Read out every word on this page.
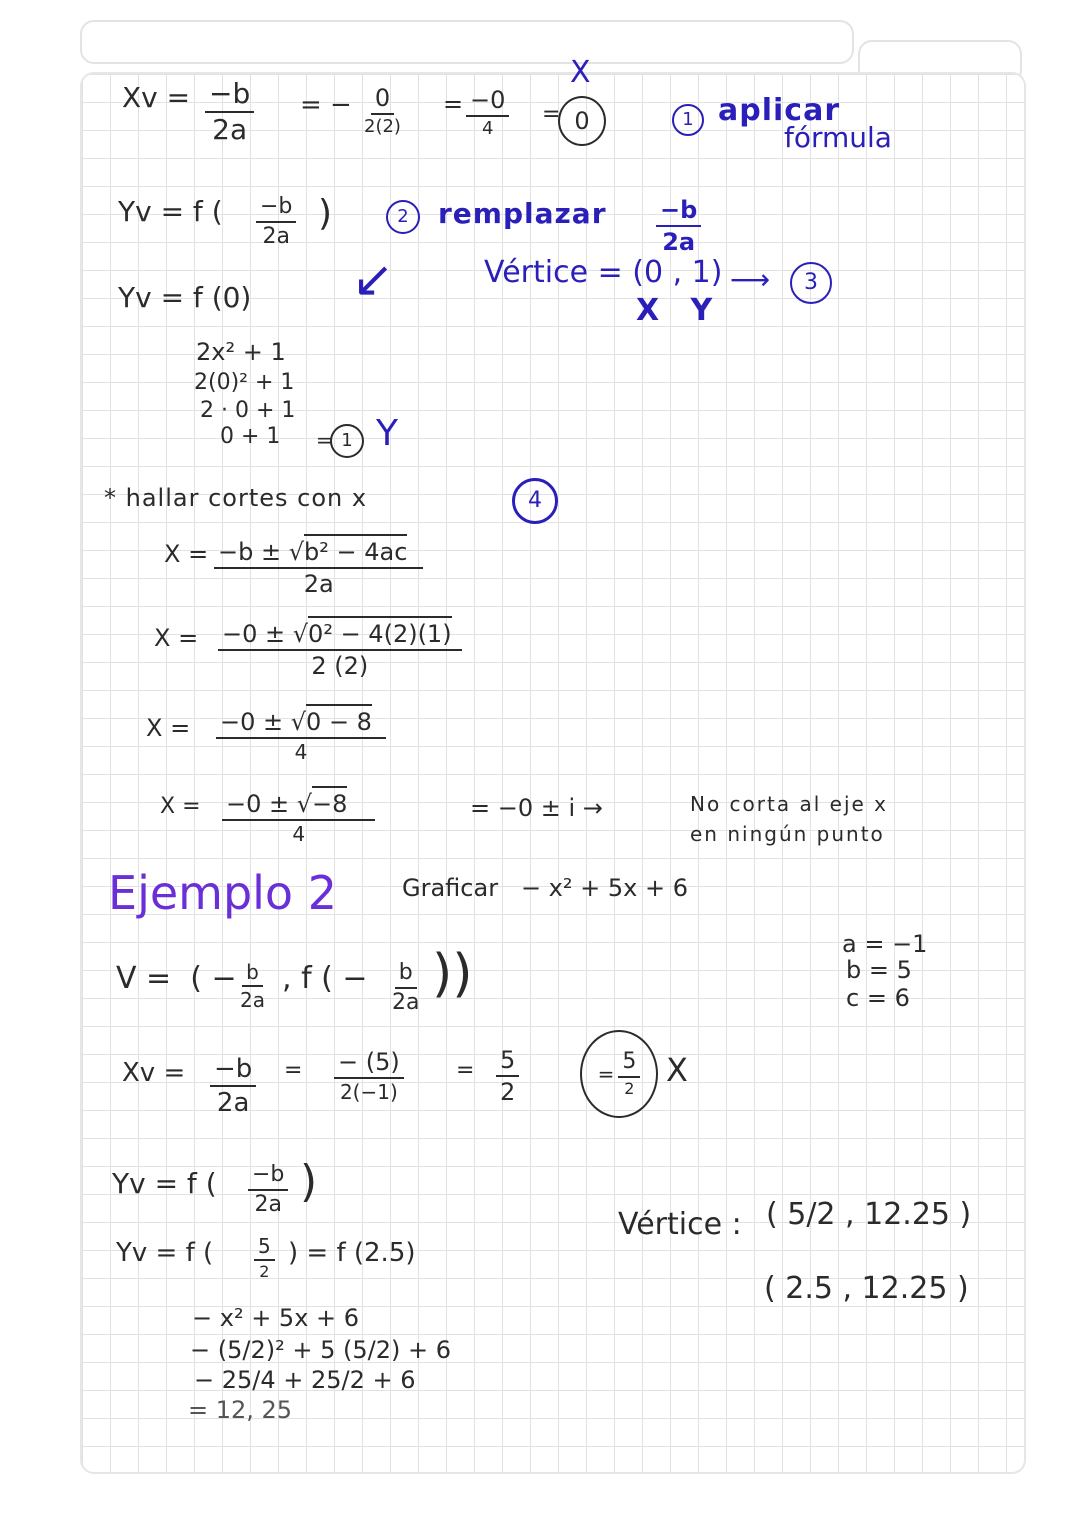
$Xv = \frac{-b}{2a}$ = − 0
2(2)
= −0
4
= 0
X
1 aplicar
fórmula
Yv = f ( $\frac{-b}{2a}$ )	2 remplazar $\frac{-b}{2a}$
Yv = f (0) ↙	Vértice = (0 , 1)
X   Y
⟶ 3
2x² + 1
2(0)² + 1
2 · 0 + 1
0 + 1 = 1 Y
* hallar cortes con x	4
$X = \frac{\text{−b ± √b² − 4ac}}{2a}$
$X = \frac{\text{−0 ± √0² − 4(2)(1)}}{2 (2)}$
X = −0 ± √0 − 8
4
X = −0 ± √−8
4
= −0 ± i →	No corta al eje x
en ningún punto
Ejemplo 2	Graficar   − x² + 5x + 6
a = −1
b = 5
c = 6
V =  ( − $\frac{b}{2a}$ , f ( − $\frac{b}{2a}$ ))
$Xv = \frac{-b}{2a}$ = − (5)
2(−1)
= $\frac{5}{2}$	= $\frac{5}{2}$ X
Yv = f ( $\frac{-b}{2a}$ )
Yv = f ( 5
2
) = f (2.5)
− x² + 5x + 6
− (5/2)² + 5 (5/2) + 6
− 25/4 + 25/2 + 6
= 12, 25
Vértice : ( 5/2 , 12.25 )
( 2.5 , 12.25 )
